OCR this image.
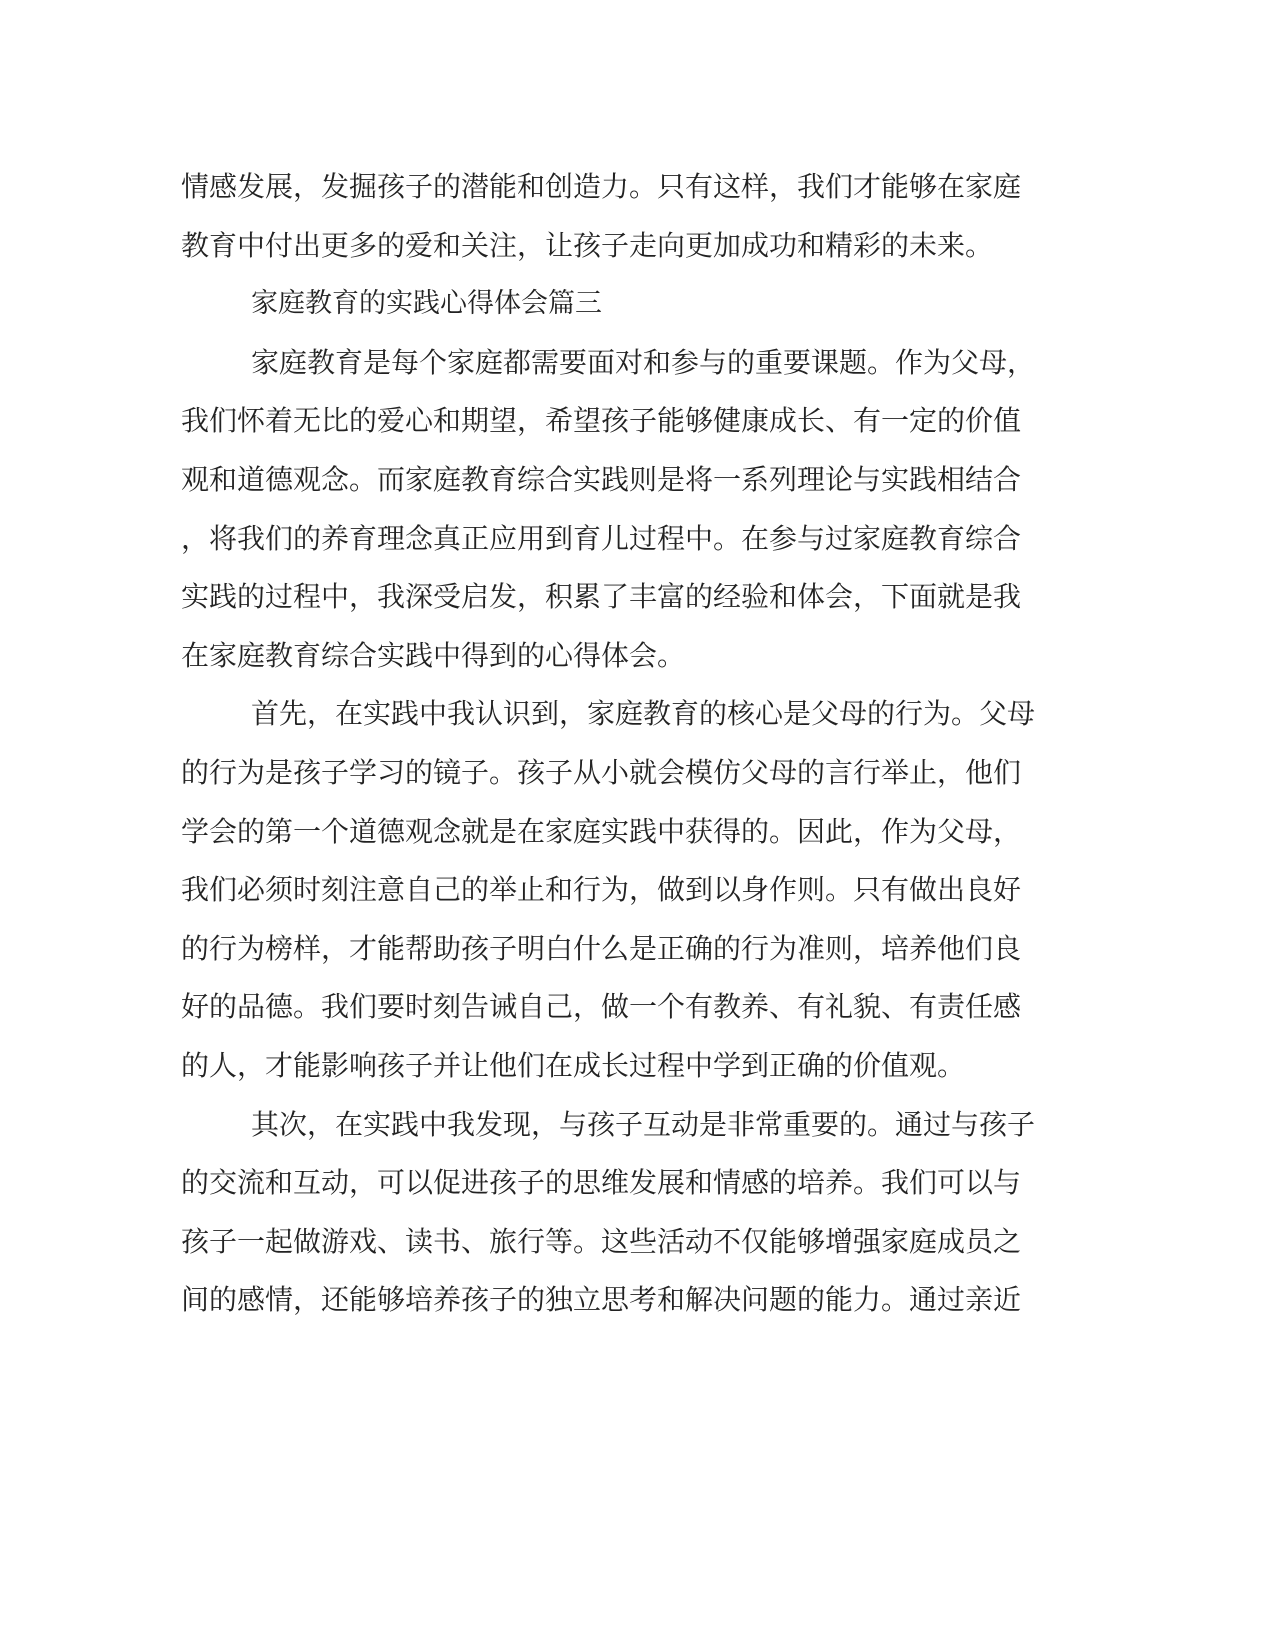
情感发展，发掘孩子的潜能和创造力。只有这样，我们才能够在家庭
教育中付出更多的爱和关注，让孩子走向更加成功和精彩的未来。
家庭教育的实践心得体会篇三
家庭教育是每个家庭都需要面对和参与的重要课题。作为父母，
我们怀着无比的爱心和期望，希望孩子能够健康成长、有一定的价值
观和道德观念。而家庭教育综合实践则是将一系列理论与实践相结合
，将我们的养育理念真正应用到育儿过程中。在参与过家庭教育综合
实践的过程中，我深受启发，积累了丰富的经验和体会，下面就是我
在家庭教育综合实践中得到的心得体会。
首先，在实践中我认识到，家庭教育的核心是父母的行为。父母
的行为是孩子学习的镜子。孩子从小就会模仿父母的言行举止，他们
学会的第一个道德观念就是在家庭实践中获得的。因此，作为父母，
我们必须时刻注意自己的举止和行为，做到以身作则。只有做出良好
的行为榜样，才能帮助孩子明白什么是正确的行为准则，培养他们良
好的品德。我们要时刻告诫自己，做一个有教养、有礼貌、有责任感
的人，才能影响孩子并让他们在成长过程中学到正确的价值观。
其次，在实践中我发现，与孩子互动是非常重要的。通过与孩子
的交流和互动，可以促进孩子的思维发展和情感的培养。我们可以与
孩子一起做游戏、读书、旅行等。这些活动不仅能够增强家庭成员之
间的感情，还能够培养孩子的独立思考和解决问题的能力。通过亲近
